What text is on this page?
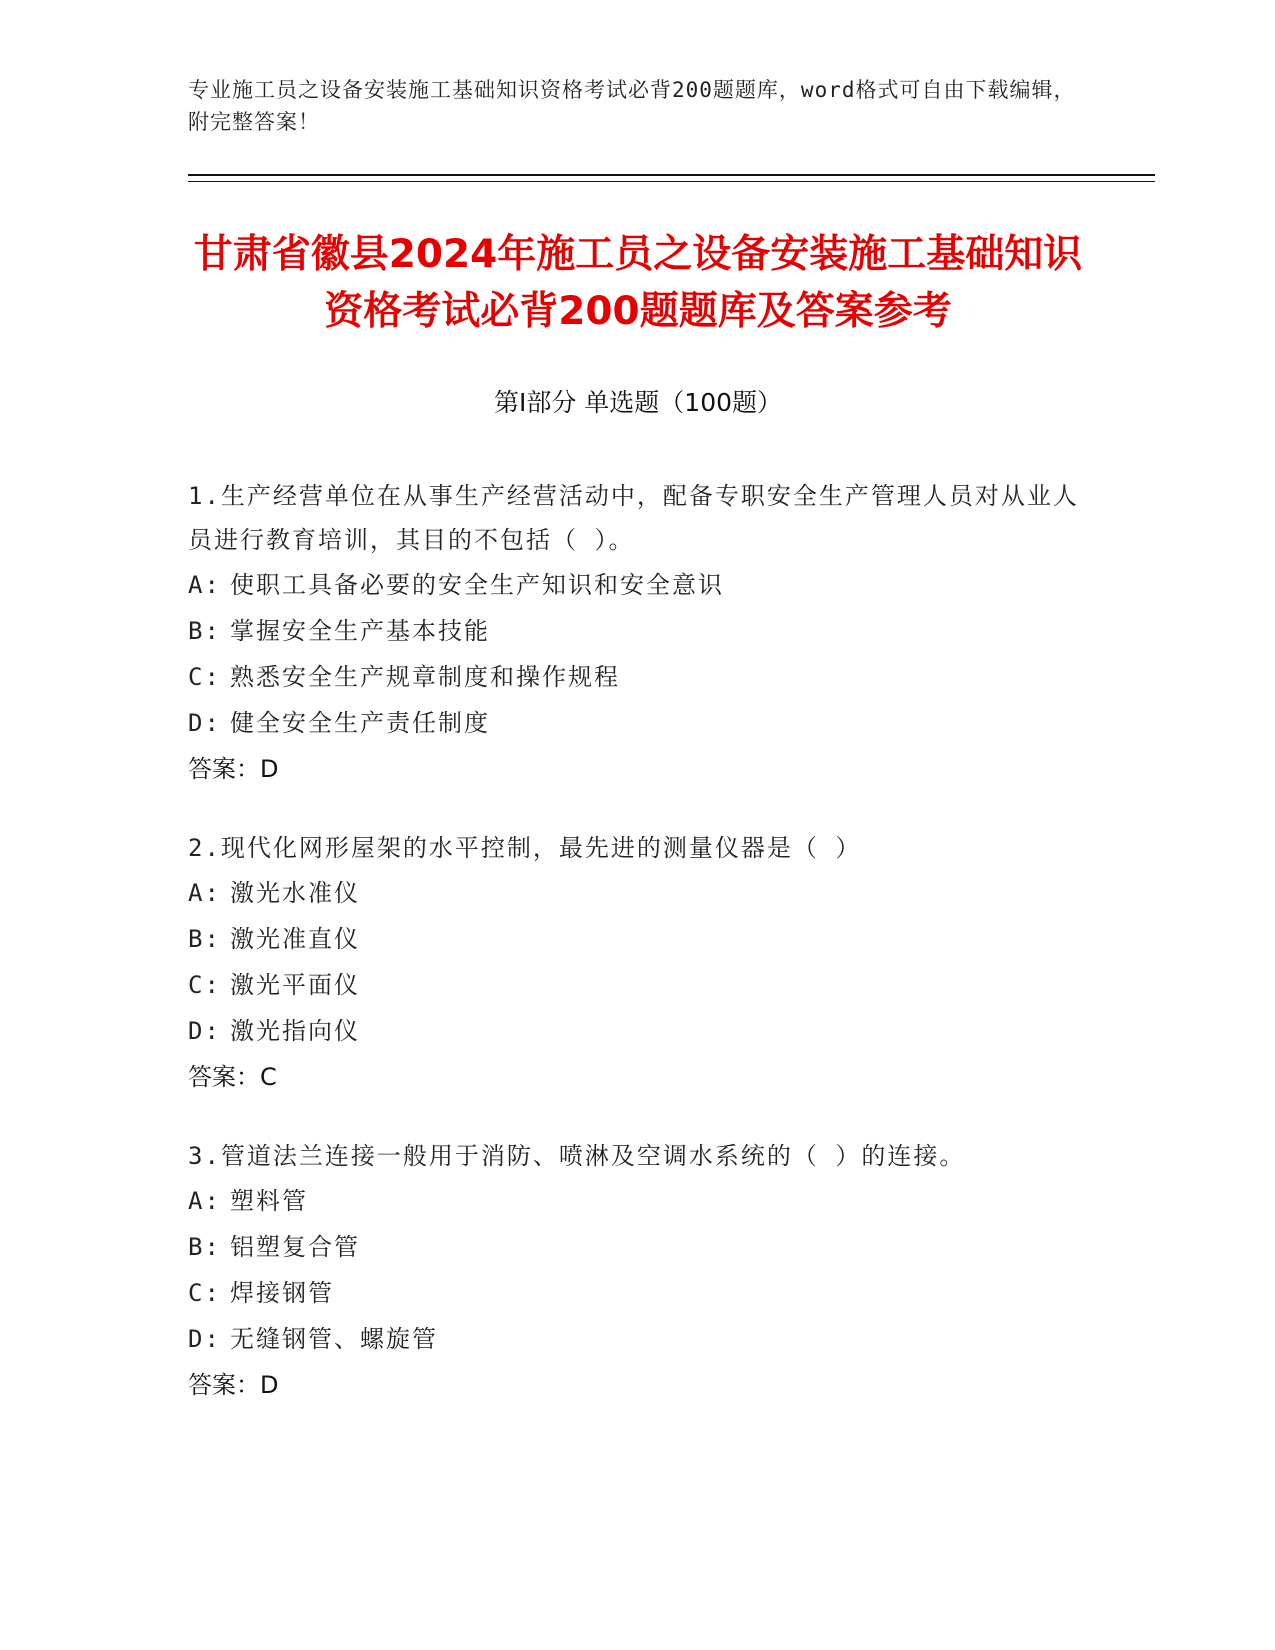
专业施工员之设备安装施工基础知识资格考试必背200题题库，word格式可自由下载编辑，附完整答案！
甘肃省徽县2024年施工员之设备安装施工基础知识资格考试必背200题题库及答案参考
第Ⅰ部分 单选题（100题）
1.生产经营单位在从事生产经营活动中，配备专职安全生产管理人员对从业人员进行教育培训，其目的不包括（ ）。
A: 使职工具备必要的安全生产知识和安全意识
B: 掌握安全生产基本技能
C: 熟悉安全生产规章制度和操作规程
D: 健全安全生产责任制度
答案：D
2.现代化网形屋架的水平控制，最先进的测量仪器是（ ）
A: 激光水准仪
B: 激光准直仪
C: 激光平面仪
D: 激光指向仪
答案：C
3.管道法兰连接一般用于消防、喷淋及空调水系统的（ ）的连接。
A: 塑料管
B: 铝塑复合管
C: 焊接钢管
D: 无缝钢管、螺旋管
答案：D
